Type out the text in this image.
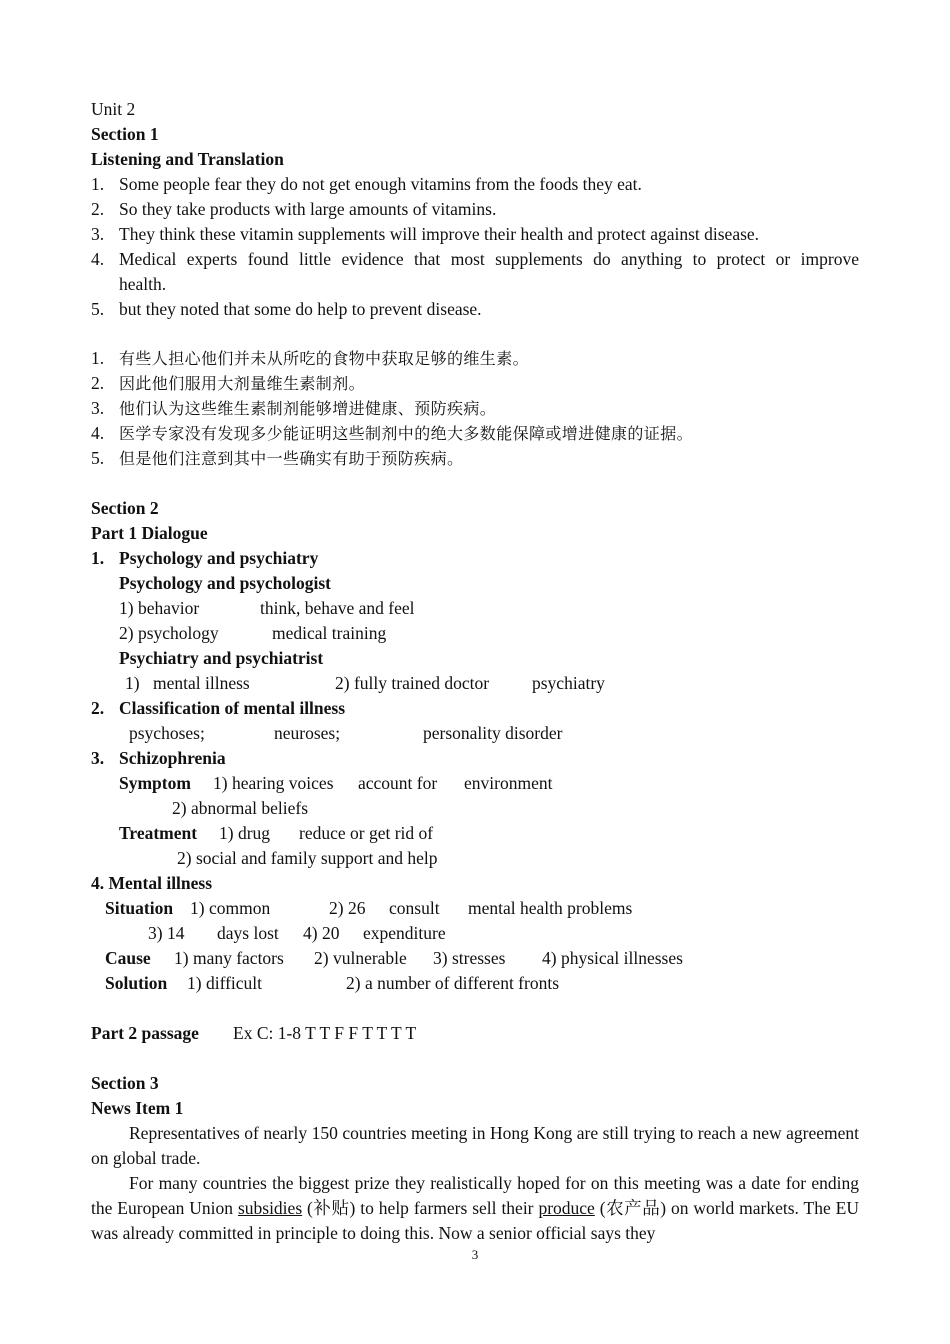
Unit 2
Section 1
Listening and Translation
1. Some people fear they do not get enough vitamins from the foods they eat.
2. So they take products with large amounts of vitamins.
3. They think these vitamin supplements will improve their health and protect against disease.
4. Medical experts found little evidence that most supplements do anything to protect or improve
health.
5. but they noted that some do help to prevent disease.
1. 有些人担心他们并未从所吃的食物中获取足够的维生素。
2. 因此他们服用大剂量维生素制剂。
3. 他们认为这些维生素制剂能够增进健康、预防疾病。
4. 医学专家没有发现多少能证明这些制剂中的绝大多数能保障或增进健康的证据。
5. 但是他们注意到其中一些确实有助于预防疾病。
Section 2
Part 1 Dialogue
1. Psychology and psychiatry
Psychology and psychologist
1) behavior	think, behave and feel
2) psychology	medical training
Psychiatry and psychiatrist
1) mental illness	2) fully trained doctor psychiatry
2. Classification of mental illness
psychoses;	neuroses;	personality disorder
3. Schizophrenia
Symptom 1) hearing voices account for environment
2) abnormal beliefs
Treatment 1) drug reduce or get rid of
2) social and family support and help
4. Mental illness
Situation 1) common	2) 26 consult mental health problems
3) 14 days lost 4) 20 expenditure
Cause 1) many factors 2) vulnerable 3) stresses 4) physical illnesses
Solution 1) difficult	2) a number of different fronts
Part 2 passage Ex C: 1-8 T T F F T T T T
Section 3
News Item 1

Representatives of nearly 150 countries meeting in Hong Kong are still trying to reach a new agreement on global trade.

For many countries the biggest prize they realistically hoped for on this meeting was a date for ending the European Union subsidies (补贴) to help farmers sell their produce (农产品) on world markets. The EU was already committed in principle to doing this. Now a senior official says they

3
